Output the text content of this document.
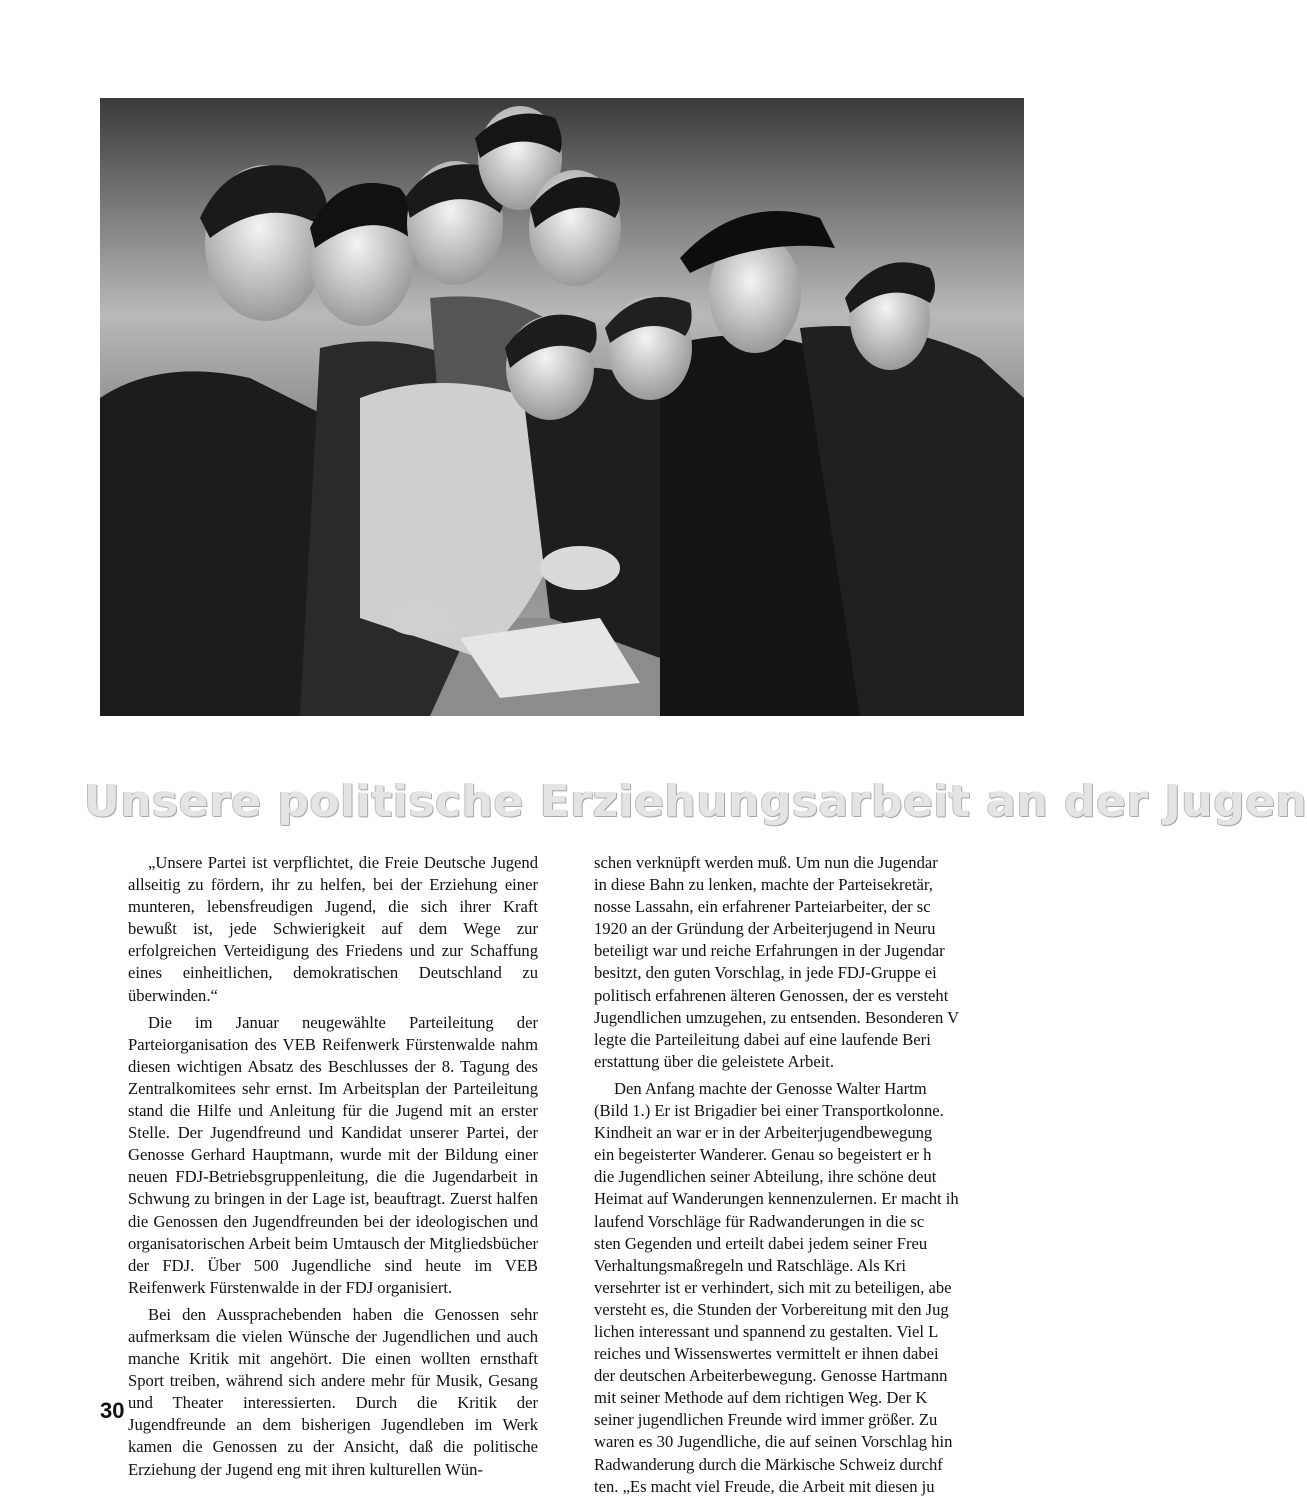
Unsere politische Erziehungsarbeit an der Jugen

„Unsere Partei ist verpflichtet, die Freie Deutsche Jugend allseitig zu fördern, ihr zu helfen, bei der Erziehung einer munteren, lebensfreudigen Jugend, die sich ihrer Kraft bewußt ist, jede Schwierigkeit auf dem Wege zur erfolgreichen Verteidigung des Friedens und zur Schaffung eines einheitlichen, demokratischen Deutschland zu überwinden.“

Die im Januar neugewählte Parteileitung der Parteiorganisation des VEB Reifenwerk Fürstenwalde nahm diesen wichtigen Absatz des Beschlusses der 8. Tagung des Zentralkomitees sehr ernst. Im Arbeitsplan der Parteileitung stand die Hilfe und Anleitung für die Jugend mit an erster Stelle. Der Jugendfreund und Kandidat unserer Partei, der Genosse Gerhard Hauptmann, wurde mit der Bildung einer neuen FDJ-Betriebsgruppenleitung, die die Jugendarbeit in Schwung zu bringen in der Lage ist, beauftragt. Zuerst halfen die Genossen den Jugendfreunden bei der ideologischen und organisatorischen Arbeit beim Umtausch der Mitgliedsbücher der FDJ. Über 500 Jugendliche sind heute im VEB Reifenwerk Fürstenwalde in der FDJ organisiert.

Bei den Aussprachebenden haben die Genossen sehr aufmerksam die vielen Wünsche der Jugendlichen und auch manche Kritik mit angehört. Die einen wollten ernsthaft Sport treiben, während sich andere mehr für Musik, Gesang und Theater interessierten. Durch die Kritik der Jugendfreunde an dem bisherigen Jugendleben im Werk kamen die Genossen zu der Ansicht, daß die politische Erziehung der Jugend eng mit ihren kulturellen Wün-

schen verknüpft werden muß. Um nun die Jugendar
in diese Bahn zu lenken, machte der Parteisekretär,
nosse Lassahn, ein erfahrener Parteiarbeiter, der sc
1920 an der Gründung der Arbeiterjugend in Neuru
beteiligt war und reiche Erfahrungen in der Jugendar
besitzt, den guten Vorschlag, in jede FDJ-Gruppe ei
politisch erfahrenen älteren Genossen, der es versteht
Jugendlichen umzugehen, zu entsenden. Besonderen V
legte die Parteileitung dabei auf eine laufende Beri
erstattung über die geleistete Arbeit.
Den Anfang machte der Genosse Walter Hartm
(Bild 1.) Er ist Brigadier bei einer Transportkolonne.
Kindheit an war er in der Arbeiterjugendbewegung
ein begeisterter Wanderer. Genau so begeistert er h
die Jugendlichen seiner Abteilung, ihre schöne deut
Heimat auf Wanderungen kennenzulernen. Er macht ih
laufend Vorschläge für Radwanderungen in die sc
sten Gegenden und erteilt dabei jedem seiner Freu
Verhaltungsmaßregeln und Ratschläge. Als Kri
versehrter ist er verhindert, sich mit zu beteiligen, abe
versteht es, die Stunden der Vorbereitung mit den Jug
lichen interessant und spannend zu gestalten. Viel L
reiches und Wissenswertes vermittelt er ihnen dabei
der deutschen Arbeiterbewegung. Genosse Hartmann
mit seiner Methode auf dem richtigen Weg. Der K
seiner jugendlichen Freunde wird immer größer. Zu
waren es 30 Jugendliche, die auf seinen Vorschlag hin
Radwanderung durch die Märkische Schweiz durchf
ten. „Es macht viel Freude, die Arbeit mit diesen ju
30
